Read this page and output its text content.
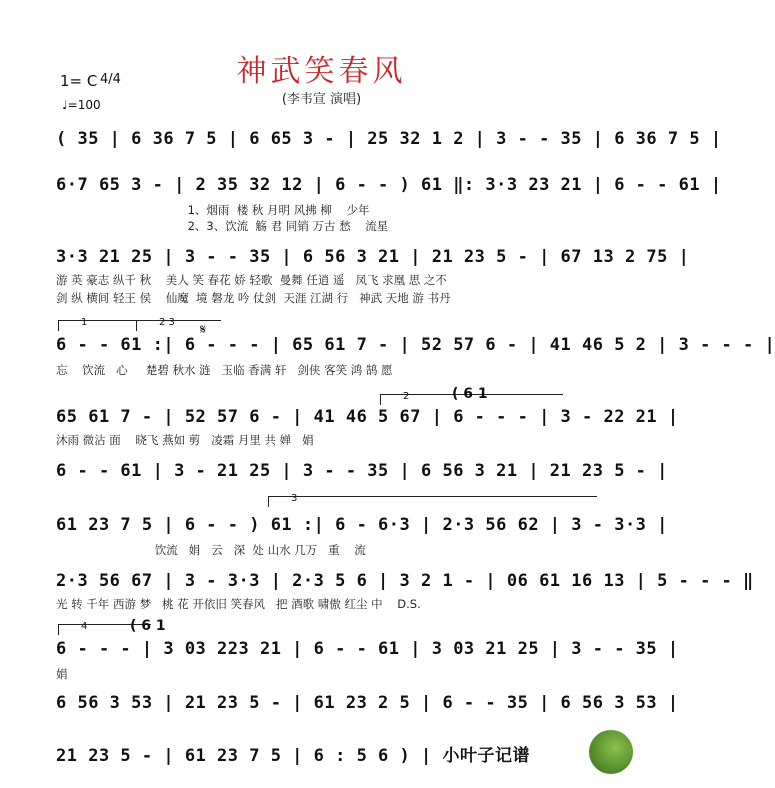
神武笑春风
(李韦宣 演唱)
1= C 4/4
♩=100
( 35 | 6 36 7 5 | 6 65 3 - | 25 32 1 2 | 3 - - 35 | 6 36 7 5 |
6·7 65 3 - | 2 35 32 12 | 6 - - ) 61 ‖: 3·3 23 21 | 6 - - 61 |
1、烟雨  楼 秋 月明 风拂 柳    少年
2、3、饮流  觞 君 同销 万古 愁    流星
3·3 21 25 | 3 - - 35 | 6 56 3 21 | 21 23 5 - | 67 13 2 75 |
游 英 豪志 纵千 秋    美人 笑 春花 娇 轻歌  曼舞 任逍 遥   凤飞 求凰 思 之不
剑 纵 横间 轻王 侯    仙魔  境 磐龙 吟 仗剑  天涯 江湖 行   神武 天地 游 书丹
1	2 3	𝄋
6 - - 61 :| 6 - - - | 65 61 7 - | 52 57 6 - | 41 46 5 2 | 3 - - - |
忘    饮流   心     楚碧 秋水 涟   玉临 香满 轩   剑侠 客笑 鸿 鹄 愿
2
65 61 7 - | 52 57 6 - | 41 46 5 67 | 6 - - - | 3 - 22 21 |
沐雨 微沾 面    晓飞 燕如 剪   凌霜 月里 共 婵   娟
6 - - 61 | 3 - 21 25 | 3 - - 35 | 6 56 3 21 | 21 23 5 - |
3
61 23 7 5 | 6 - - ) 61 :| 6 - 6·3 | 2·3 56 62 | 3 - 3·3 |
饮流   娟   云   深  处 山水 几万   重    流
2·3 56 67 | 3 - 3·3 | 2·3 5 6 | 3 2 1 - | 06 61 16 13 | 5 - - - ‖
光 转 千年 西游 梦   桃 花 开依旧 笑春风   把 酒歌 啸傲 红尘 中    D.S.
4	( 6 1
( 6 1
6 - - - | 3 03 223 21 | 6 - - 61 | 3 03 21 25 | 3 - - 35 |
娟
6 56 3 53 | 21 23 5 - | 61 23 2 5 | 6 - - 35 | 6 56 3 53 |
21 23 5 - | 61 23 7 5 | 6 : 5 6 ) | 小叶子记谱
